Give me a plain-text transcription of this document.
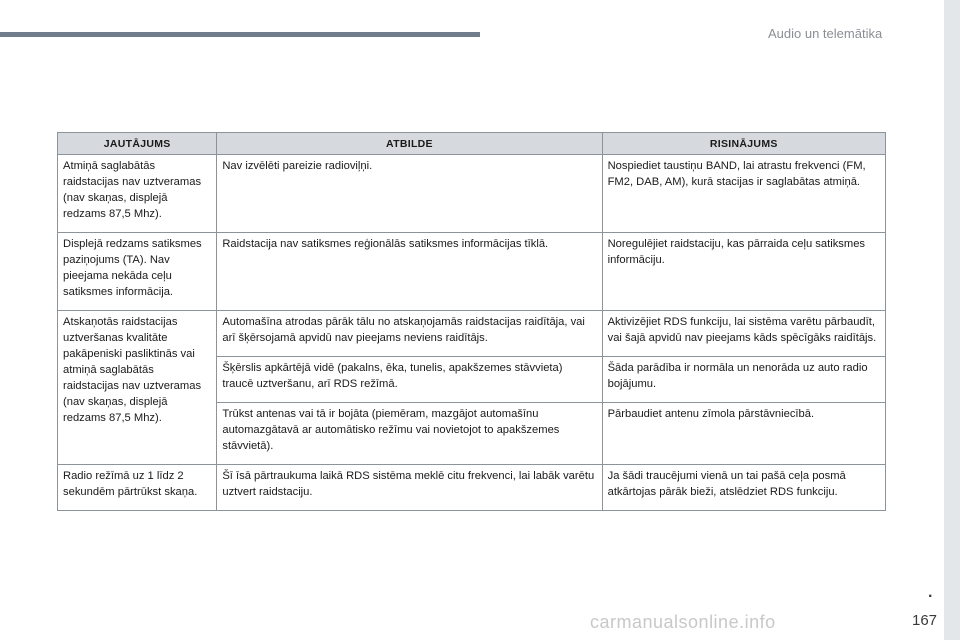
Audio un telemātika
JAUTĀJUMS	ATBILDE	RISINĀJUMS
Atmiņā saglabātās raidstacijas nav uztveramas (nav skaņas, displejā redzams 87,5 Mhz).	Nav izvēlēti pareizie radioviļņi.	Nospiediet taustiņu BAND, lai atrastu frekvenci (FM, FM2, DAB, AM), kurā stacijas ir saglabātas atmiņā.
Displejā redzams satiksmes paziņojums (TA). Nav pieejama nekāda ceļu satiksmes informācija.	Raidstacija nav satiksmes reģionālās satiksmes informācijas tīklā.	Noregulējiet raidstaciju, kas pārraida ceļu satiksmes informāciju.
Atskaņotās raidstacijas uztveršanas kvalitāte pakāpeniski pasliktinās vai atmiņā saglabātās raidstacijas nav uztveramas (nav skaņas, displejā redzams 87,5 Mhz).	Automašīna atrodas pārāk tālu no atskaņojamās raidstacijas raidītāja, vai arī šķērsojamā apvidū nav pieejams neviens raidītājs.	Aktivizējiet RDS funkciju, lai sistēma varētu pārbaudīt, vai šajā apvidū nav pieejams kāds spēcīgāks raidītājs.
	Šķērslis apkārtējā vidē (pakalns, ēka, tunelis, apakšzemes stāvvieta) traucē uztveršanu, arī RDS režīmā.	Šāda parādība ir normāla un nenorāda uz auto radio bojājumu.
	Trūkst antenas vai tā ir bojāta (piemēram, mazgājot automašīnu automazgātavā ar automātisko režīmu vai novietojot to apakšzemes stāvvietā).	Pārbaudiet antenu zīmola pārstāvniecībā.
Radio režīmā uz 1 līdz 2 sekundēm pārtrūkst skaņa.	Šī īsā pārtraukuma laikā RDS sistēma meklē citu frekvenci, lai labāk varētu uztvert raidstaciju.	Ja šādi traucējumi vienā un tai pašā ceļa posmā atkārtojas pārāk bieži, atslēdziet RDS funkciju.
.
carmanualsonline.info	167
